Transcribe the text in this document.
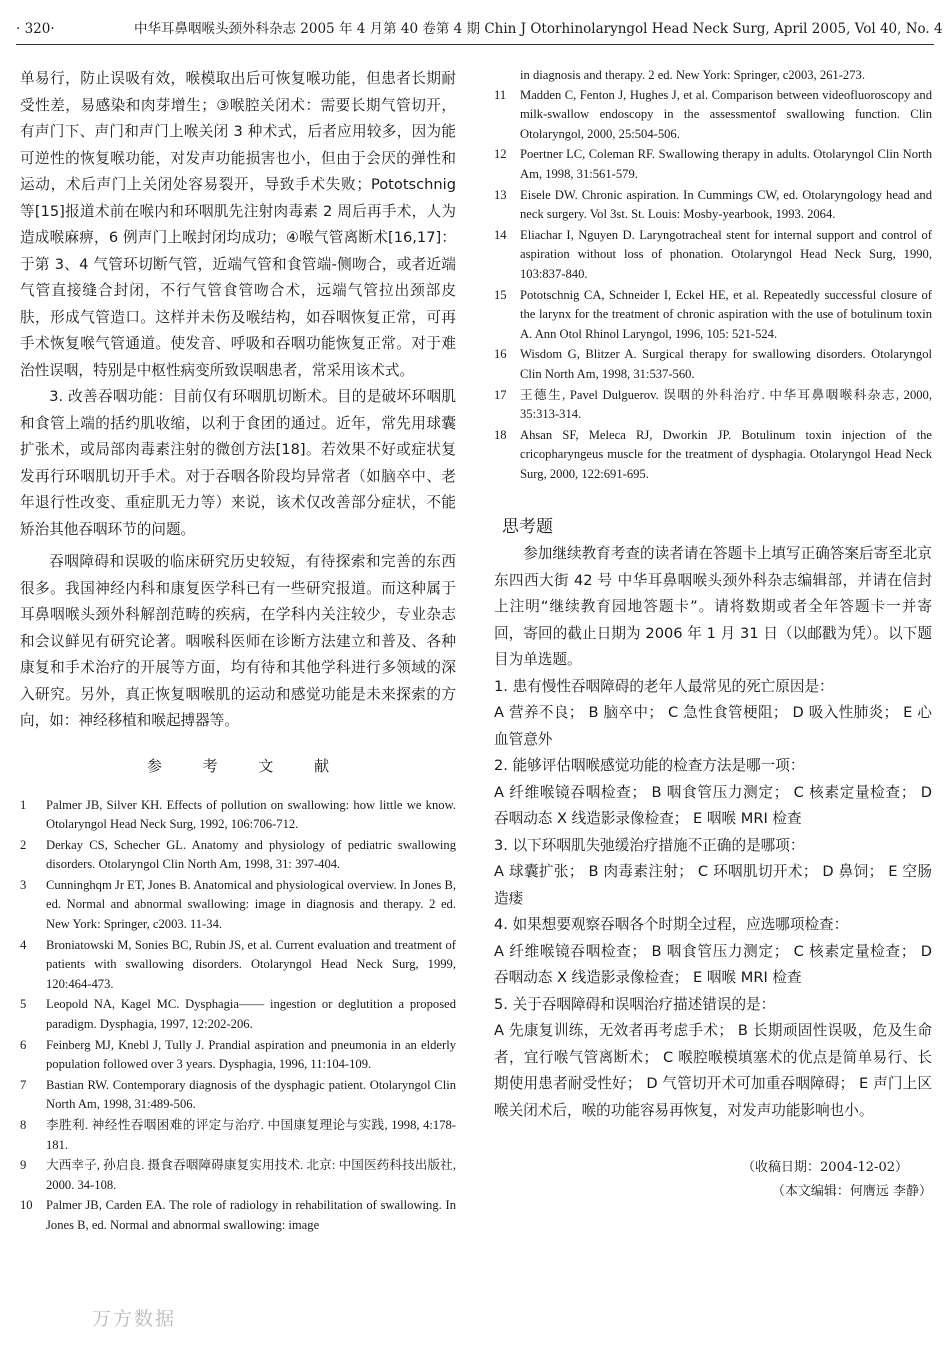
· 320·	中华耳鼻咽喉头颈外科杂志 2005 年 4 月第 40 卷第 4 期 Chin J Otorhinolaryngol Head Neck Surg, April 2005, Vol 40, No. 4

单易行，防止误吸有效，喉模取出后可恢复喉功能，但患者长期耐受性差，易感染和肉芽增生；③喉腔关闭术：需要长期气管切开，有声门下、声门和声门上喉关闭 3 种术式，后者应用较多，因为能可逆性的恢复喉功能，对发声功能损害也小，但由于会厌的弹性和运动，术后声门上关闭处容易裂开，导致手术失败；Pototschnig 等[15]报道术前在喉内和环咽肌先注射肉毒素 2 周后再手术，人为造成喉麻痹，6 例声门上喉封闭均成功；④喉气管离断术[16,17]：于第 3、4 气管环切断气管，近端气管和食管端-侧吻合，或者近端气管直接缝合封闭，不行气管食管吻合术，远端气管拉出颈部皮肤，形成气管造口。这样并未伤及喉结构，如吞咽恢复正常，可再手术恢复喉气管通道。使发音、呼吸和吞咽功能恢复正常。对于难治性误咽，特别是中枢性病变所致误咽患者，常采用该术式。

3. 改善吞咽功能：目前仅有环咽肌切断术。目的是破坏环咽肌和食管上端的括约肌收缩，以利于食团的通过。近年，常先用球囊扩张术，或局部肉毒素注射的微创方法[18]。若效果不好或症状复发再行环咽肌切开手术。对于吞咽各阶段均异常者（如脑卒中、老年退行性改变、重症肌无力等）来说，该术仅改善部分症状，不能矫治其他吞咽环节的问题。

吞咽障碍和误吸的临床研究历史较短，有待探索和完善的东西很多。我国神经内科和康复医学科已有一些研究报道。而这种属于耳鼻咽喉头颈外科解剖范畴的疾病，在学科内关注较少，专业杂志和会议鲜见有研究论著。咽喉科医师在诊断方法建立和普及、各种康复和手术治疗的开展等方面，均有待和其他学科进行多领域的深入研究。另外，真正恢复咽喉肌的运动和感觉功能是未来探索的方向，如：神经移植和喉起搏器等。

参 考 文 献
1	Palmer JB, Silver KH. Effects of pollution on swallowing: how little we know. Otolaryngol Head Neck Surg, 1992, 106:706-712.
2	Derkay CS, Schecher GL. Anatomy and physiology of pediatric swallowing disorders. Otolaryngol Clin North Am, 1998, 31: 397-404.
3	Cunninghqm Jr ET, Jones B. Anatomical and physiological overview. In Jones B, ed. Normal and abnormal swallowing: image in diagnosis and therapy. 2 ed. New York: Springer, c2003. 11-34.
4	Broniatowski M, Sonies BC, Rubin JS, et al. Current evaluation and treatment of patients with swallowing disorders. Otolaryngol Head Neck Surg, 1999, 120:464-473.
5	Leopold NA, Kagel MC. Dysphagia—— ingestion or deglutition a proposed paradigm. Dysphagia, 1997, 12:202-206.
6	Feinberg MJ, Knebl J, Tully J. Prandial aspiration and pneumonia in an elderly population followed over 3 years. Dysphagia, 1996, 11:104-109.
7	Bastian RW. Contemporary diagnosis of the dysphagic patient. Otolaryngol Clin North Am, 1998, 31:489-506.
8	李胜利. 神经性吞咽困难的评定与治疗. 中国康复理论与实践, 1998, 4:178-181.
9	大西幸子, 孙启良. 摄食吞咽障碍康复实用技术. 北京: 中国医药科技出版社, 2000. 34-108.
10	Palmer JB, Carden EA. The role of radiology in rehabilitation of swallowing. In Jones B, ed. Normal and abnormal swallowing: image
in diagnosis and therapy. 2 ed. New York: Springer, c2003, 261-273.
11	Madden C, Fenton J, Hughes J, et al. Comparison between videofluoroscopy and milk-swallow endoscopy in the assessmentof swallowing function. Clin Otolaryngol, 2000, 25:504-506.
12	Poertner LC, Coleman RF. Swallowing therapy in adults. Otolaryngol Clin North Am, 1998, 31:561-579.
13	Eisele DW. Chronic aspiration. In Cummings CW, ed. Otolaryngology head and neck surgery. Vol 3st. St. Louis: Mosby-yearbook, 1993. 2064.
14	Eliachar I, Nguyen D. Laryngotracheal stent for internal support and control of aspiration without loss of phonation. Otolaryngol Head Neck Surg, 1990, 103:837-840.
15	Pototschnig CA, Schneider I, Eckel HE, et al. Repeatedly successful closure of the larynx for the treatment of chronic aspiration with the use of botulinum toxin A. Ann Otol Rhinol Laryngol, 1996, 105: 521-524.
16	Wisdom G, Blitzer A. Surgical therapy for swallowing disorders. Otolaryngol Clin North Am, 1998, 31:537-560.
17	王德生, Pavel Dulguerov. 误咽的外科治疗. 中华耳鼻咽喉科杂志, 2000, 35:313-314.
18	Ahsan SF, Meleca RJ, Dworkin JP. Botulinum toxin injection of the cricopharyngeus muscle for the treatment of dysphagia. Otolaryngol Head Neck Surg, 2000, 122:691-695.
思考题

参加继续教育考查的读者请在答题卡上填写正确答案后寄至北京东四西大街 42 号 中华耳鼻咽喉头颈外科杂志编辑部，并请在信封上注明“继续教育园地答题卡”。请将数期或者全年答题卡一并寄回，寄回的截止日期为 2006 年 1 月 31 日（以邮戳为凭）。以下题目为单选题。

1. 患有慢性吞咽障碍的老年人最常见的死亡原因是：

A 营养不良； B 脑卒中； C 急性食管梗阻； D 吸入性肺炎； E 心血管意外

2. 能够评估咽喉感觉功能的检查方法是哪一项：

A 纤维喉镜吞咽检查； B 咽食管压力测定； C 核素定量检查； D 吞咽动态 X 线造影录像检查； E 咽喉 MRI 检查

3. 以下环咽肌失弛缓治疗措施不正确的是哪项：

A 球囊扩张； B 肉毒素注射； C 环咽肌切开术； D 鼻饲； E 空肠造瘘

4. 如果想要观察吞咽各个时期全过程，应选哪项检查：

A 纤维喉镜吞咽检查； B 咽食管压力测定； C 核素定量检查； D 吞咽动态 X 线造影录像检查； E 咽喉 MRI 检查

5. 关于吞咽障碍和误咽治疗描述错误的是：

A 先康复训练，无效者再考虑手术； B 长期顽固性误吸，危及生命者，宜行喉气管离断术； C 喉腔喉模填塞术的优点是简单易行、长期使用患者耐受性好； D 气管切开术可加重吞咽障碍； E 声门上区喉关闭术后，喉的功能容易再恢复，对发声功能影响也小。

（收稿日期：2004-12-02）
（本文编辑：何膺远 李静）
万方数据
